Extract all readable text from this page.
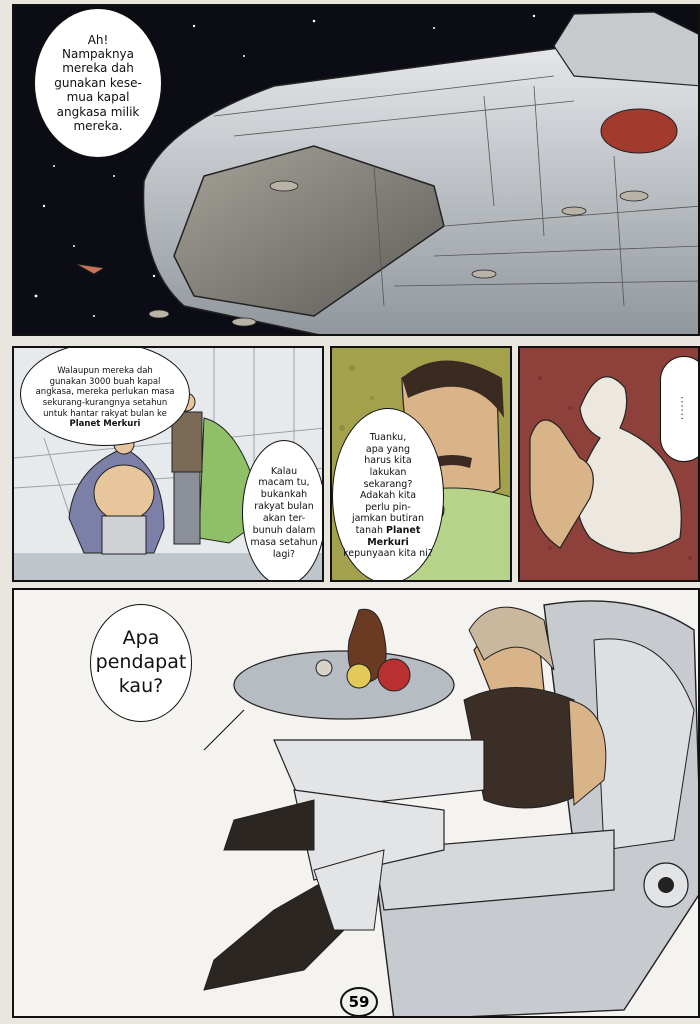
Ah!
Nampaknya
mereka dah
gunakan kese-
mua kapal
angkasa milik
mereka.
Walaupun mereka dah
gunakan 3000 buah kapal
angkasa, mereka perlukan masa
sekurang-kurangnya setahun
untuk hantar rakyat bulan ke
Planet Merkuri
Kalau
macam tu,
bukankah
rakyat bulan
akan ter-
bunuh dalam
masa setahun
lagi?
Tuanku,
apa yang
harus kita
lakukan
sekarang?
Adakah kita
perlu pin-
jamkan butiran
tanah Planet Merkuri
kepunyaan kita ni?
......
Apa
pendapat
kau?
59
